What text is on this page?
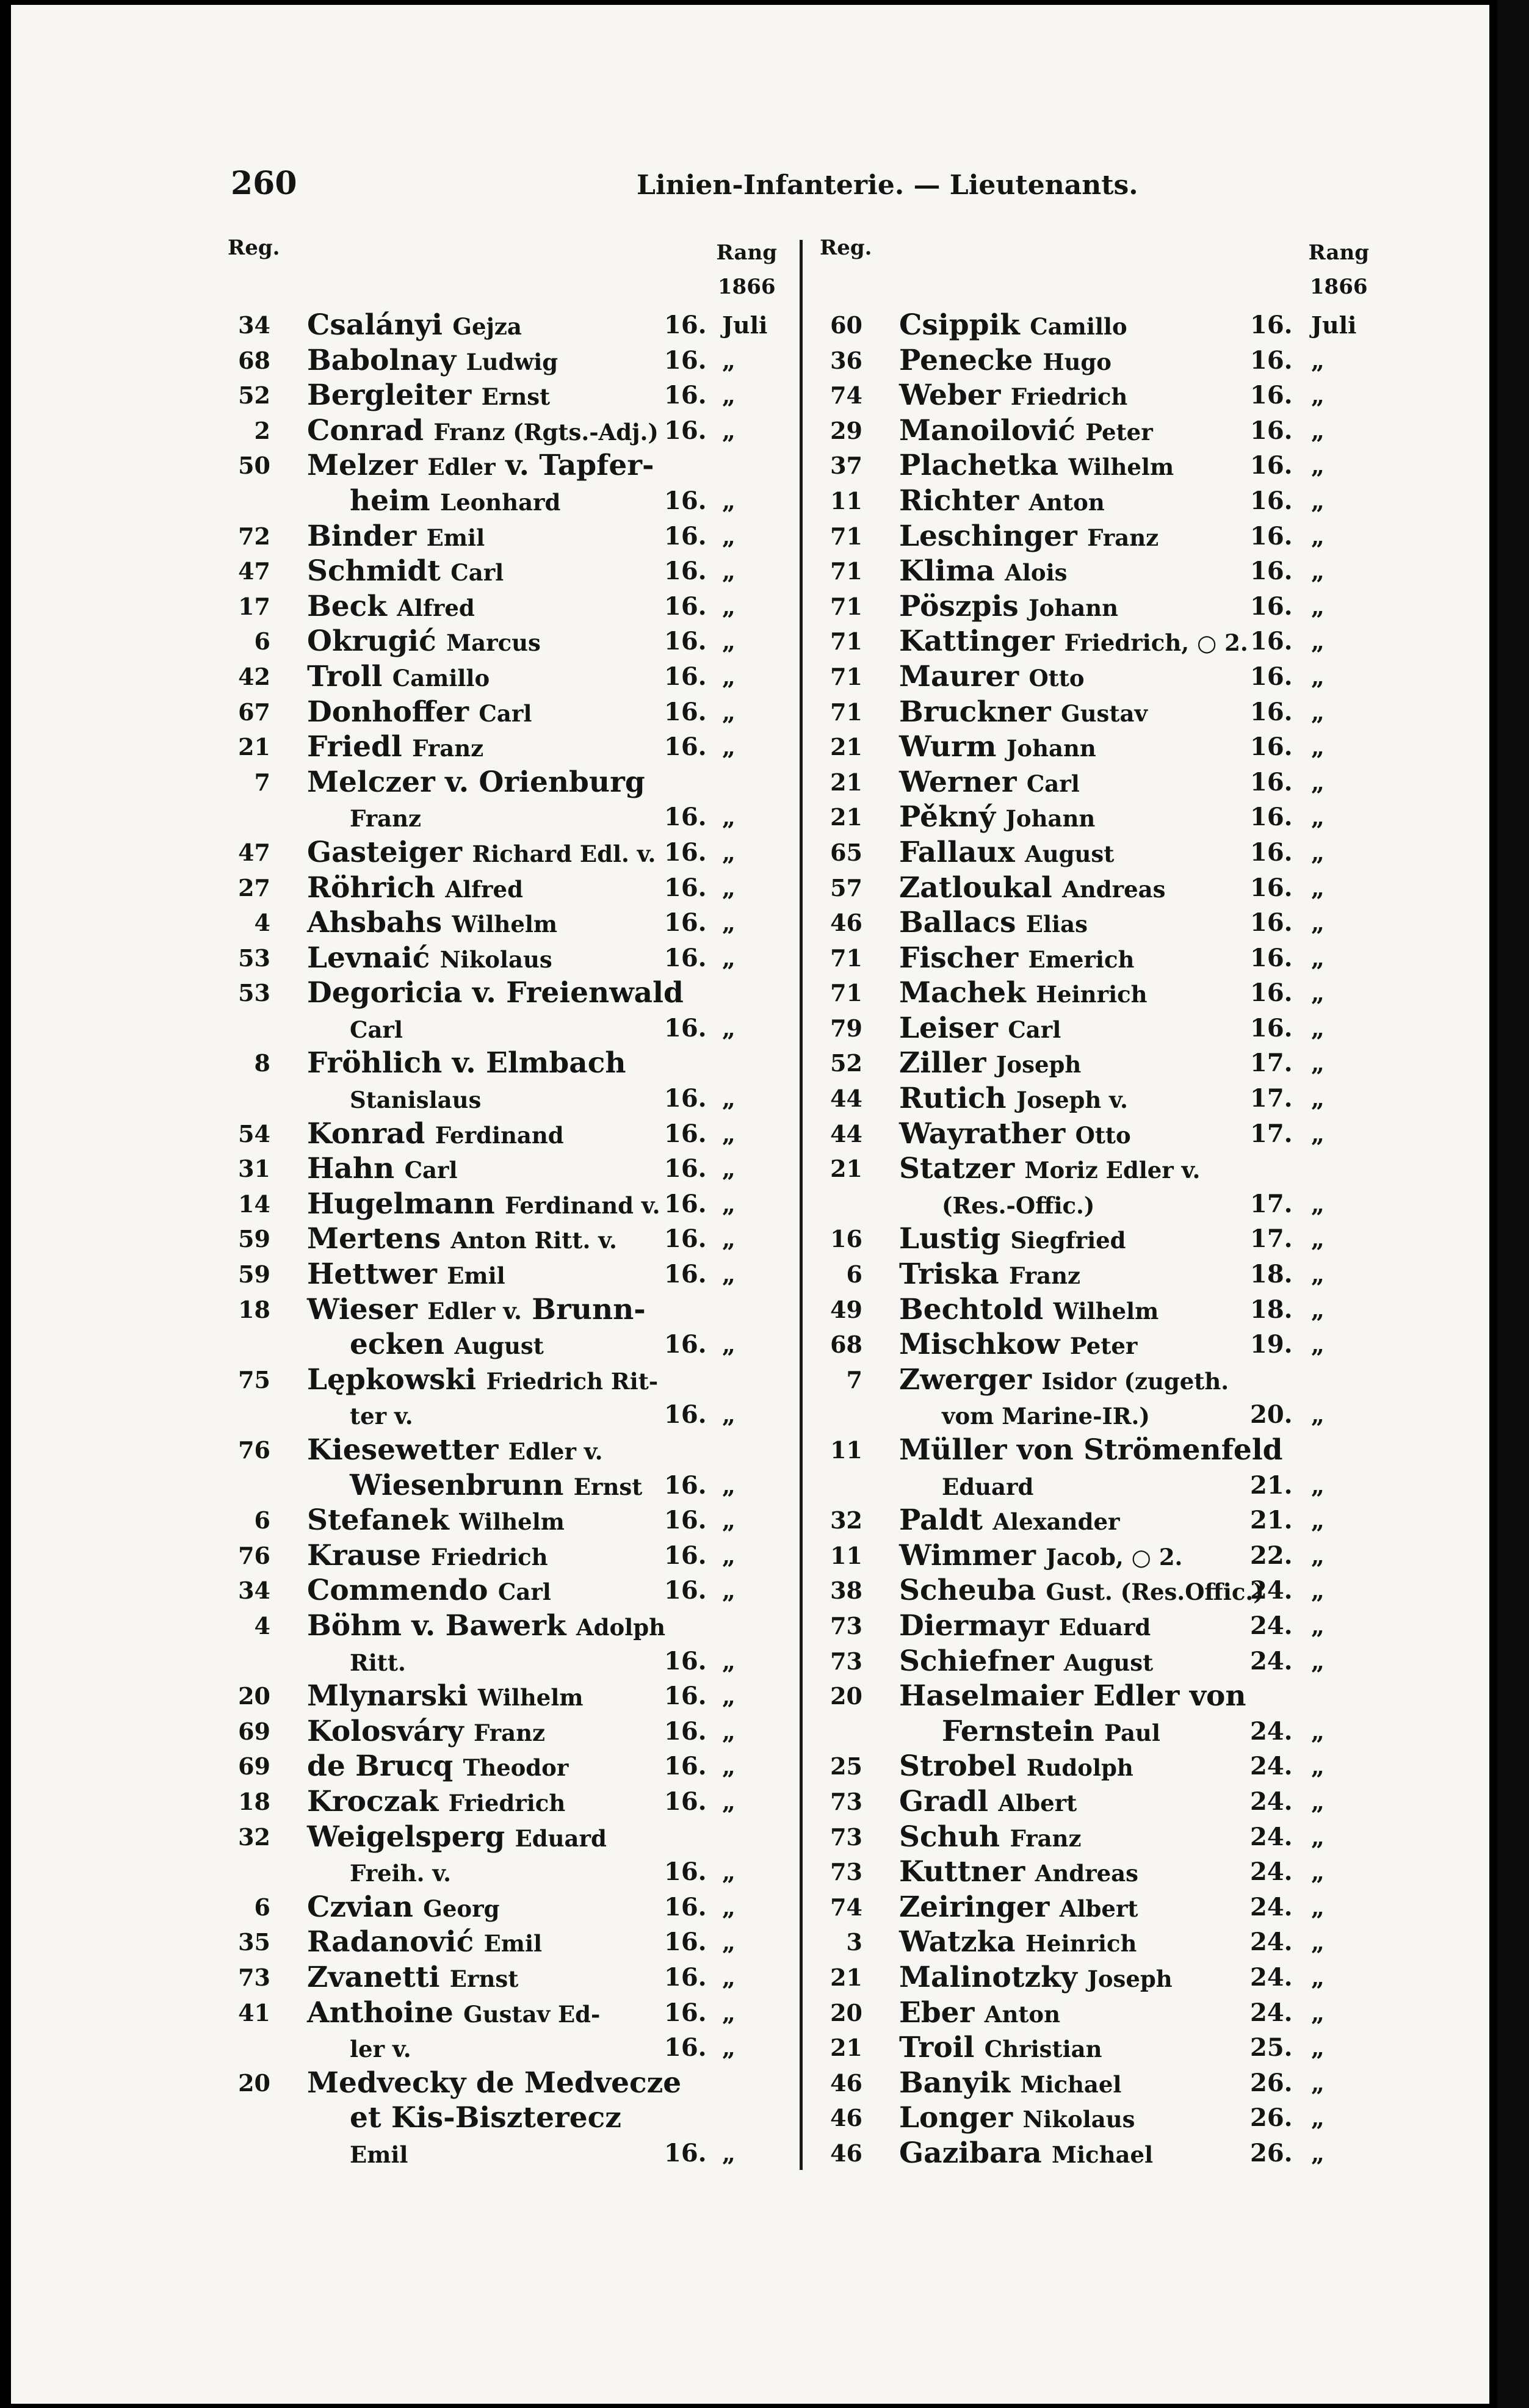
260	Linien-Infanterie. — Lieutenants.
Reg.	Rang
1866
34 Csalányi Gejza	16. Juli
68 Babolnay Ludwig	16. „
52 Bergleiter Ernst	16. „
2 Conrad Franz (Rgts.-Adj.) 16. „
50 Melzer Edler v. Tapfer-
heim Leonhard	16. „
72 Binder Emil	16. „
47 Schmidt Carl	16. „
17 Beck Alfred	16. „
6 Okrugić Marcus	16. „
42 Troll Camillo	16. „
67 Donhoffer Carl	16. „
21 Friedl Franz	16. „
7 Melczer v. Orienburg
Franz	16. „
47 Gasteiger Richard Edl. v. 16. „
27 Röhrich Alfred	16. „
4 Ahsbahs Wilhelm	16. „
53 Levnaić Nikolaus	16. „
53 Degoricia v. Freienwald
Carl	16. „
8 Fröhlich v. Elmbach
Stanislaus	16. „
54 Konrad Ferdinand	16. „
31 Hahn Carl	16. „
14 Hugelmann Ferdinand v. 16. „
59 Mertens Anton Ritt. v. 16. „
59 Hettwer Emil	16. „
18 Wieser Edler v. Brunn-
ecken August	16. „
75 Lępkowski Friedrich Rit-
ter v.	16. „
76 Kiesewetter Edler v.
Wiesenbrunn Ernst 16. „
6 Stefanek Wilhelm	16. „
76 Krause Friedrich	16. „
34 Commendo Carl	16. „
4 Böhm v. Bawerk Adolph
Ritt.	16. „
20 Mlynarski Wilhelm	16. „
69 Kolosváry Franz	16. „
69 de Brucq Theodor	16. „
18 Kroczak Friedrich	16. „
32 Weigelsperg Eduard
Freih. v.	16. „
6 Czvian Georg	16. „
35 Radanović Emil	16. „
73 Zvanetti Ernst	16. „
41 Anthoine Gustav Ed-	16. „
ler v.	16. „
20 Medvecky de Medvecze
et Kis-Biszterecz
Emil	16. „
Reg.	Rang
1866
60 Csippik Camillo	16. Juli
36 Penecke Hugo	16. „
74 Weber Friedrich	16. „
29 Manoilović Peter	16. „
37 Plachetka Wilhelm	16. „
11 Richter Anton	16. „
71 Leschinger Franz	16. „
71 Klima Alois	16. „
71 Pöszpis Johann	16. „
71 Kattinger Friedrich, ○ 2. 16. „
71 Maurer Otto	16. „
71 Bruckner Gustav	16. „
21 Wurm Johann	16. „
21 Werner Carl	16. „
21 Pěkný Johann	16. „
65 Fallaux August	16. „
57 Zatloukal Andreas	16. „
46 Ballacs Elias	16. „
71 Fischer Emerich	16. „
71 Machek Heinrich	16. „
79 Leiser Carl	16. „
52 Ziller Joseph	17. „
44 Rutich Joseph v.	17. „
44 Wayrather Otto	17. „
21 Statzer Moriz Edler v.
(Res.-Offic.)	17. „
16 Lustig Siegfried	17. „
6 Triska Franz	18. „
49 Bechtold Wilhelm	18. „
68 Mischkow Peter	19. „
7 Zwerger Isidor (zugeth.
vom Marine-IR.)	20. „
11 Müller von Strömenfeld
Eduard	21. „
32 Paldt Alexander	21. „
11 Wimmer Jacob, ○ 2.	22. „
38 Scheuba Gust. (Res.Offic.)
24. „
73 Diermayr Eduard	24. „
73 Schiefner August	24. „
20 Haselmaier Edler von
Fernstein Paul	24. „
25 Strobel Rudolph	24. „
73 Gradl Albert	24. „
73 Schuh Franz	24. „
73 Kuttner Andreas	24. „
74 Zeiringer Albert	24. „
3 Watzka Heinrich	24. „
21 Malinotzky Joseph	24. „
20 Eber Anton	24. „
21 Troil Christian	25. „
46 Banyik Michael	26. „
46 Longer Nikolaus	26. „
46 Gazibara Michael	26. „
